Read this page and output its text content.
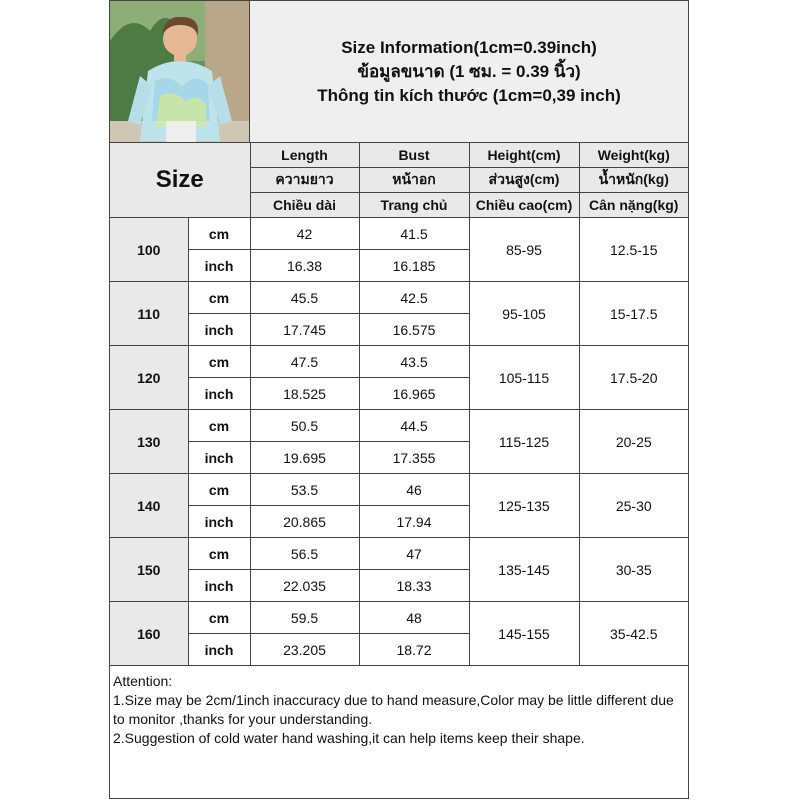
Size Information(1cm=0.39inch)
ข้อมูลขนาด (1 ซม. = 0.39 นิ้ว)
Thông tin kích thước (1cm=0,39 inch)
Size		Length	Bust	Height(cm)	Weight(kg)
		ความยาว	หน้าอก	ส่วนสูง(cm)	น้ำหนัก(kg)
		Chiều dài	Trang chủ	Chiều cao(cm)	Cân nặng(kg)
100	cm	42	41.5	85-95	12.5-15
	inch	16.38	16.185		
110	cm	45.5	42.5	95-105	15-17.5
	inch	17.745	16.575		
120	cm	47.5	43.5	105-115	17.5-20
	inch	18.525	16.965		
130	cm	50.5	44.5	115-125	20-25
	inch	19.695	17.355		
140	cm	53.5	46	125-135	25-30
	inch	20.865	17.94		
150	cm	56.5	47	135-145	30-35
	inch	22.035	18.33		
160	cm	59.5	48	145-155	35-42.5
	inch	23.205	18.72		

Attention:

1.Size may be 2cm/1inch inaccuracy due to hand measure,Color may be little different due to monitor ,thanks for your understanding.

2.Suggestion of cold water hand washing,it can help items keep their shape.
